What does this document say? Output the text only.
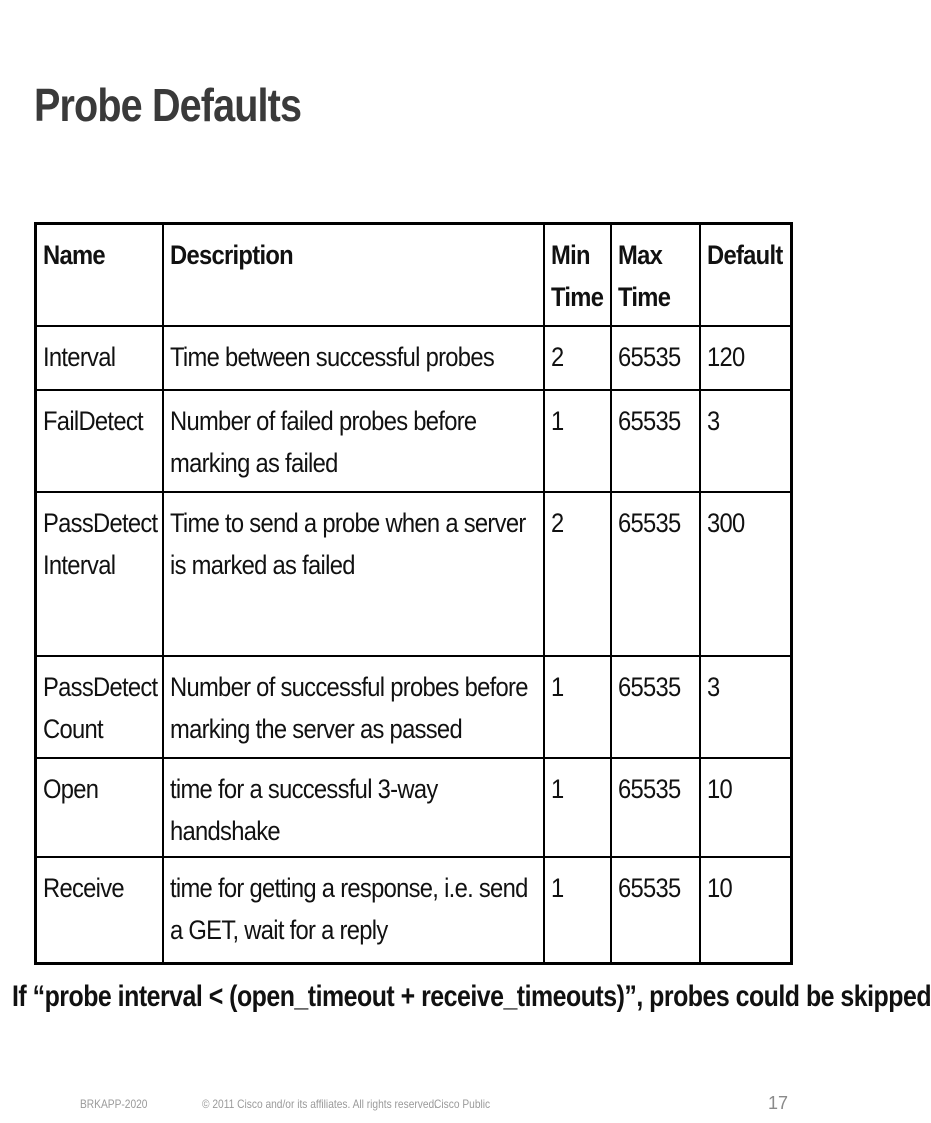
Probe Defaults
Name	Description	Min Time	Max Time	Default

Interval	Time between successful probes	2	65535	120

FailDetect	Number of failed probes before marking as failed	1	65535	3

PassDetect Interval	Time to send a probe when a server is marked as failed	2	65535	300

PassDetect Count	Number of successful probes before marking the server as passed	1	65535	3

Open	time for a successful 3-way handshake	1	65535	10

Receive	time for getting a response, i.e. send a GET, wait for a reply	1	65535	10
If “probe interval < (open_timeout + receive_timeouts)”, probes could be skipped
BRKAPP-2020	© 2011 Cisco and/or its affiliates. All rights reserved.
Cisco Public	17
